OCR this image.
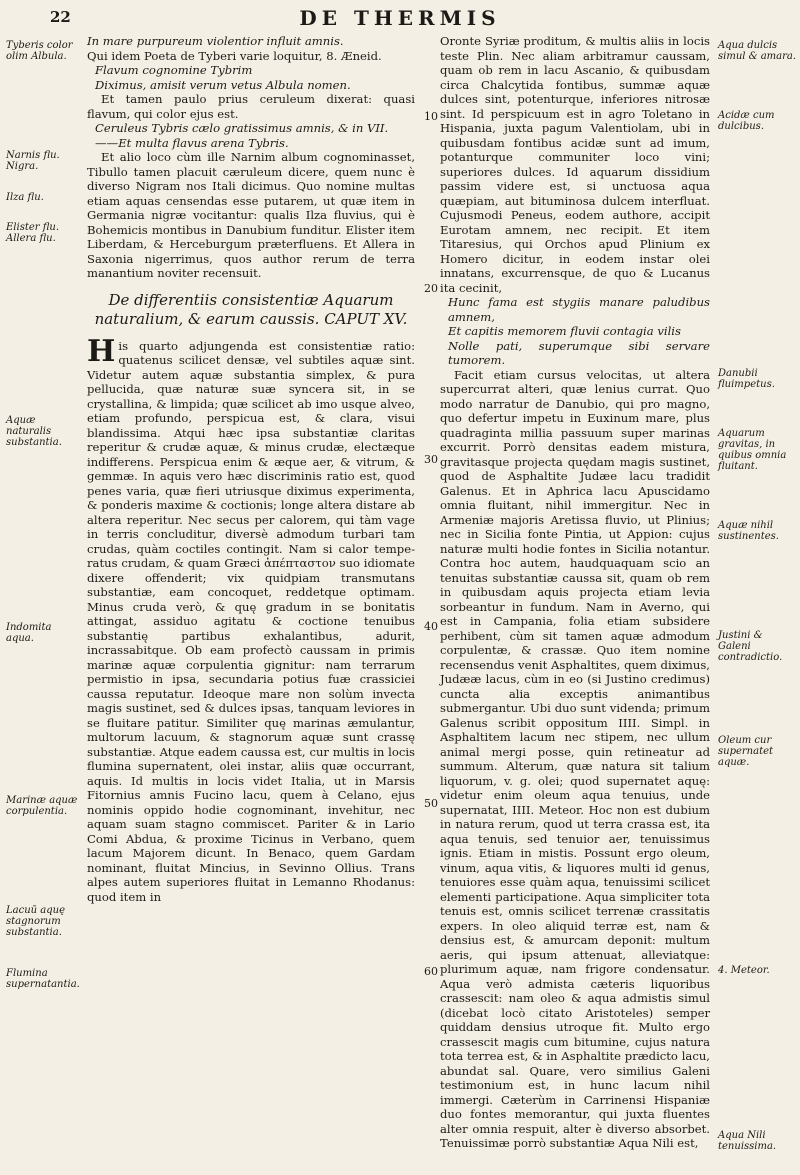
22	DE THERMIS

In mare purpureum violentior influit amnis.

Qui idem Poeta de Tyberi varie loquitur, 8. Æneid.

Flavum cognomine Tybrim

Diximus, amisit verum vetus Albula nomen.

Et tamen paulo prius ceruleum dixerat: quasi flavum, qui color ejus est.

Ceruleus Tybris cælo gratissimus amnis, & in VII.

——Et multa flavus arena Tybris.

Et alio loco cùm ille Narnim album cognominasset, Tibullo tamen placuit cæruleum dicere, quem nunc è diverso Nigram nos Itali dicimus. Quo nomine multas etiam aquas censendas esse putarem, ut quæ item in Germania nigræ vocitantur: qualis Ilza fluvius, qui è Bohemicis montibus in Danubium funditur. Elister item Liberdam, & Herceburgum præterfluens. Et Allera in Saxonia nigerrimus, quos author rerum de terra manantium noviter recensuit.

De differentiis consistentiæ Aquarum naturalium, & earum caussis. CAPUT XV.

His quarto adjungenda est consistentiæ ratio: quatenus scilicet densæ, vel subtiles aquæ sint. Videtur autem aquæ substantia simplex, & pura pellucida, quæ naturæ suæ syncera sit, in se crystallina, & limpida; quæ scilicet ab imo usque alveo, etiam profundo, perspicua est, & clara, visui blandissima. Atqui hæc ipsa substantiæ claritas reperitur & crudæ aquæ, & minus crudæ, electæque indifferens. Perspicua enim & æque aer, & vitrum, & gemmæ. In aquis vero hæc discriminis ratio est, quod penes varia, quæ fieri utriusque diximus experimenta, & ponderis maxime & coctionis; longe altera distare ab altera reperitur. Nec secus per calorem, qui tàm vage in terris concluditur, diversè admodum turbari tam crudas, quàm coctiles contingit. Nam si calor temperatus crudam, & quam Græci ἀπέπταστον suo idiomate dixere offenderit; vix quidpiam transmutans substantiæ, eam concoquet, reddetque optimam. Minus cruda verò, & quę gradum in se bonitatis attingat, assiduo agitatu & coctione tenuibus substantię partibus exhalantibus, adurit, incrassabitque. Ob eam profectò caussam in primis marinæ aquæ corpulentia gignitur: nam terrarum permistio in ipsa, secundaria potius fuæ crassiciei caussa reputatur. Ideoque mare non solùm invecta magis sustinet, sed & dulces ipsas, tanquam leviores in se fluitare patitur. Similiter quę marinas æmulantur, multorum lacuum, & stagnorum aquæ sunt crassę substantiæ. Atque eadem caussa est, cur multis in locis flumina supernatent, olei instar, aliis quæ occurrant, aquis. Id multis in locis videt Italia, ut in Marsis Fitornius amnis Fucino lacu, quem à Celano, ejus nominis oppido hodie cognominant, invehitur, nec aquam suam stagno commiscet. Pariter & in Lario Comi Abdua, & proxime Ticinus in Verbano, quem lacum Majorem dicunt. In Benaco, quem Gardam nominant, fluitat Mincius, in Sevinno Ollius. Trans alpes autem superiores fluitat in Lemanno Rhodanus: quod item in

Oronte Syriæ proditum, & multis aliis in locis teste Plin. Nec aliam arbitramur caussam, quam ob rem in lacu Ascanio, & quibusdam circa Chalcytida fontibus, summæ aquæ dulces sint, potenturque, inferiores nitrosæ sint. Id perspicuum est in agro Toletano in Hispania, juxta pagum Valentiolam, ubi in quibusdam fontibus acidæ sunt ad imum, potanturque communiter loco vini; superiores dulces. Id aquarum dissidium passim videre est, si unctuosa aqua quæpiam, aut bituminosa dulcem interfluat. Cujusmodi Peneus, eodem authore, accipit Eurotam amnem, nec recipit. Et item Titaresius, qui Orchos apud Plinium ex Homero dicitur, in eodem instar olei innatans, excurrensque, de quo & Lucanus ita cecinit,

Hunc fama est stygiis manare paludibus amnem,

Et capitis memorem fluvii contagia vilis

Nolle pati, superumque sibi servare tumorem.

Facit etiam cursus velocitas, ut altera supercurrat alteri, quæ lenius currat. Quo modo narratur de Danubio, qui pro magno, quo defertur impetu in Euxinum mare, plus quadraginta millia passuum super marinas excurrit. Porrò densitas eadem mistura, gravitasque projecta quędam magis sustinet, quod de Asphaltite Judæe lacu tradidit Galenus. Et in Aphrica lacu Apuscidamo omnia fluitant, nihil immergitur. Nec in Armeniæ majoris Aretissa fluvio, ut Plinius; nec in Sicilia fonte Pintia, ut Appion: cujus naturæ multi hodie fontes in Sicilia notantur. Contra hoc autem, haudquaquam scio an tenuitas substantiæ caussa sit, quam ob rem in quibusdam aquis projecta etiam levia sorbeantur in fundum. Nam in Averno, qui est in Campania, folia etiam subsidere perhibent, cùm sit tamen aquæ admodum corpulentæ, & crassæ. Quo item nomine recensendus venit Asphaltites, quem diximus, Judææ lacus, cùm in eo (si Justino credimus) cuncta alia exceptis animantibus submergantur. Ubi duo sunt videnda; primum Galenus scribit oppositum IIII. Simpl. in Asphaltitem lacum nec stipem, nec ullum animal mergi posse, quin retineatur ad summum. Alterum, quæ natura sit talium liquorum, v. g. olei; quod supernatet aquę: videtur enim oleum aqua tenuius, unde supernatat, IIII. Meteor. Hoc non est dubium in natura rerum, quod ut terra crassa est, ita aqua tenuis, sed tenuior aer, tenuissimus ignis. Etiam in mistis. Possunt ergo oleum, vinum, aqua vitis, & liquores multi id genus, tenuiores esse quàm aqua, tenuissimi scilicet elementi participatione. Aqua simpliciter tota tenuis est, omnis scilicet terrenæ crassitatis expers. In oleo aliquid terræ est, nam & densius est, & amurcam deponit: multum aeris, qui ipsum attenuat, alleviatque: plurimum aquæ, nam frigore condensatur. Aqua verò admista cæteris liquoribus crassescit: nam oleo & aqua admistis simul (dicebat locò citato Aristoteles) semper quiddam densius utroque fit. Multo ergo crassescit magis cum bitumine, cujus natura tota terrea est, & in Asphaltite prædicto lacu, abundat sal. Quare, vero similius Galeni testimonium est, in hunc lacum nihil immergi. Cæterùm in Carrinensi Hispaniæ duo fontes memorantur, qui juxta fluentes alter omnia respuit, alter è diverso absorbet. Tenuissimæ porrò substantiæ Aqua Nili est,

Tyberis color olim Albula.
Narnis flu. Nigra.
Ilza flu.
Elister flu. Allera flu.
Aquæ naturalis substantia.
Indomita aqua.
Marinæ aquæ corpulentia.
Lacuū aquę stagnorum substantia.
Flumina supernatantia.
Aqua dulcis simul & amara.
Acidæ cum dulcibus.
Danubii fluimpetus.
Aquarum gravitas, in quibus omnia fluitant.
Aquæ nihil sustinentes.
Justini & Galeni contradictio.
Oleum cur supernatet aquæ.
4. Meteor.
Aqua Nili tenuissima.
10
20
30
40
50
60
